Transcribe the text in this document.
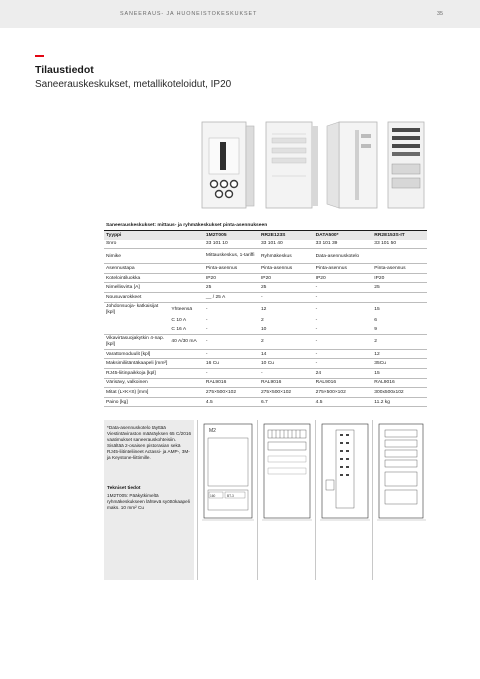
SANEERAUS- JA HUONEISTOKESKUKSET	35
Tilaustiedot
Saneerauskeskukset, metallikoteloidut, IP20
Saneerauskeskukset: mittaus- ja ryhmäkeskukset pinta-asennukseen					
Tyyppi		1M2T005	RR2E123S	DATA500*	RR2E153S-IT
Snro		33 101 10	33 101 40	33 101 39	33 101 50
Nimike		Mittauskeskus, 1-tariffi	Ryhmäkeskus	Data-asennuskotelo	
Asennustapa		Pinta-asennus	Pinta-asennus	Pinta-asennus	Pinta-asennus
Kotelointiluokka		IP20	IP20	IP20	IP20
Nimellisvirta [A]		25	25	-	25
Nousuvarokkeet		__ / 25 A	-	-	
Johdonsuoja- katkaisijat [kpl]	Yhteensä	-	12	-	15
	C 10 A	-	2	-	6
	C 16 A	-	10	-	9
Vikavirtasuojakytkin 4-nap. [kpl]	40 A/30 mA	-	2	-	2
Varattomoduulit [kpl]		-	14	-	12
Maksimiliitäntäkaapeli [mm²]		16 Cu	10 Cu	-	35Cu
RJ45-liitinpaikkoja [kpl]		-	-	24	15
Värisävy, valkoinen		RAL9016	RAL9016	RAL9016	RAL9016
Mitat (L×K×S) [mm]		275×500×102	275×500×102	275×500×102	300x500x102
Paino [kg]		4.5	6.7	4.5	11.2 kg
*Data-asennuskotelo täyttää Viestintäviraston määräyksen 65 C/2016 vaatimukset saneerauskohteisiin. Sisältää 2-osaisen pistorasian sekä RJ45-liitinteliineet Actassi- ja AMP-, 3M- ja Keystone-liittimille.
Tekniset tiedot
1M2T005: Pääkytkimeltä ryhmäkeskukseen lähtevä syöttökaapeli maks. 10 mm² Cu
M2
160	BT-3
